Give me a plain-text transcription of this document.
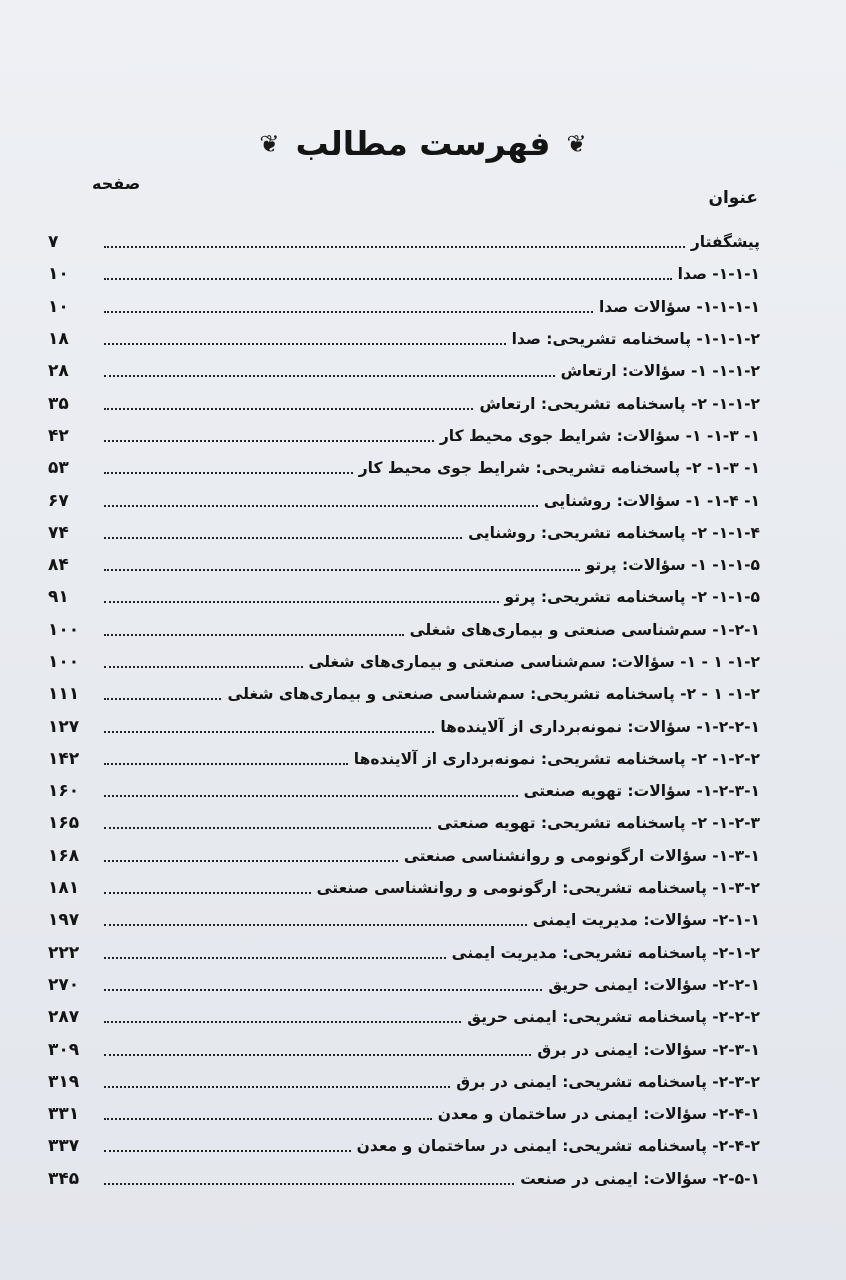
❦
فهرست مطالب
❦
عنوان
صفحه
پیشگفتار
۷
۱-۱-۱- صدا
۱۰
۱-۱-۱-۱- سؤالات صدا
۱۰
۱-۱-۱-۲- پاسخنامه تشریحی: صدا
۱۸
۱-۱-۲- ۱- سؤالات: ارتعاش
۲۸
۱-۱-۲- ۲- پاسخنامه تشریحی: ارتعاش
۳۵
۱- ۱-۳- ۱- سؤالات: شرایط جوی محیط کار
۴۲
۱- ۱-۳- ۲- پاسخنامه تشریحی: شرایط جوی محیط کار
۵۳
۱- ۱-۴- ۱- سؤالات: روشنایی
۶۷
۱-۱-۴- ۲- پاسخنامه تشریحی: روشنایی
۷۴
۱-۱-۵- ۱- سؤالات: پرتو
۸۴
۱-۱-۵- ۲- پاسخنامه تشریحی: پرتو
۹۱
۱-۲-۱- سم‌شناسی صنعتی و بیماری‌های شغلی
۱۰۰
۱-۲- ۱ - ۱- سؤالات: سم‌شناسی صنعتی و بیماری‌های شغلی
۱۰۰
۱-۲- ۱ - ۲- پاسخنامه تشریحی: سم‌شناسی صنعتی و بیماری‌های شغلی
۱۱۱
۱-۲-۲-۱- سؤالات: نمونه‌برداری از آلاینده‌ها
۱۲۷
۱-۲-۲- ۲- پاسخنامه تشریحی: نمونه‌برداری از آلاینده‌ها
۱۴۲
۱-۲-۳-۱- سؤالات: تهویه صنعتی
۱۶۰
۱-۲-۳- ۲- پاسخنامه تشریحی: تهویه صنعتی
۱۶۵
۱-۳-۱- سؤالات ارگونومی و روانشناسی صنعتی
۱۶۸
۱-۳-۲- پاسخنامه تشریحی: ارگونومی و روانشناسی صنعتی
۱۸۱
۲-۱-۱- سؤالات: مدیریت ایمنی
۱۹۷
۲-۱-۲- پاسخنامه تشریحی: مدیریت ایمنی
۲۲۲
۲-۲-۱- سؤالات: ایمنی حریق
۲۷۰
۲-۲-۲- پاسخنامه تشریحی: ایمنی حریق
۲۸۷
۲-۳-۱- سؤالات: ایمنی در برق
۳۰۹
۲-۳-۲- پاسخنامه تشریحی: ایمنی در برق
۳۱۹
۲-۴-۱- سؤالات: ایمنی در ساختمان و معدن
۳۳۱
۲-۴-۲- پاسخنامه تشریحی: ایمنی در ساختمان و معدن
۳۳۷
۲-۵-۱- سؤالات: ایمنی در صنعت
۳۴۵
